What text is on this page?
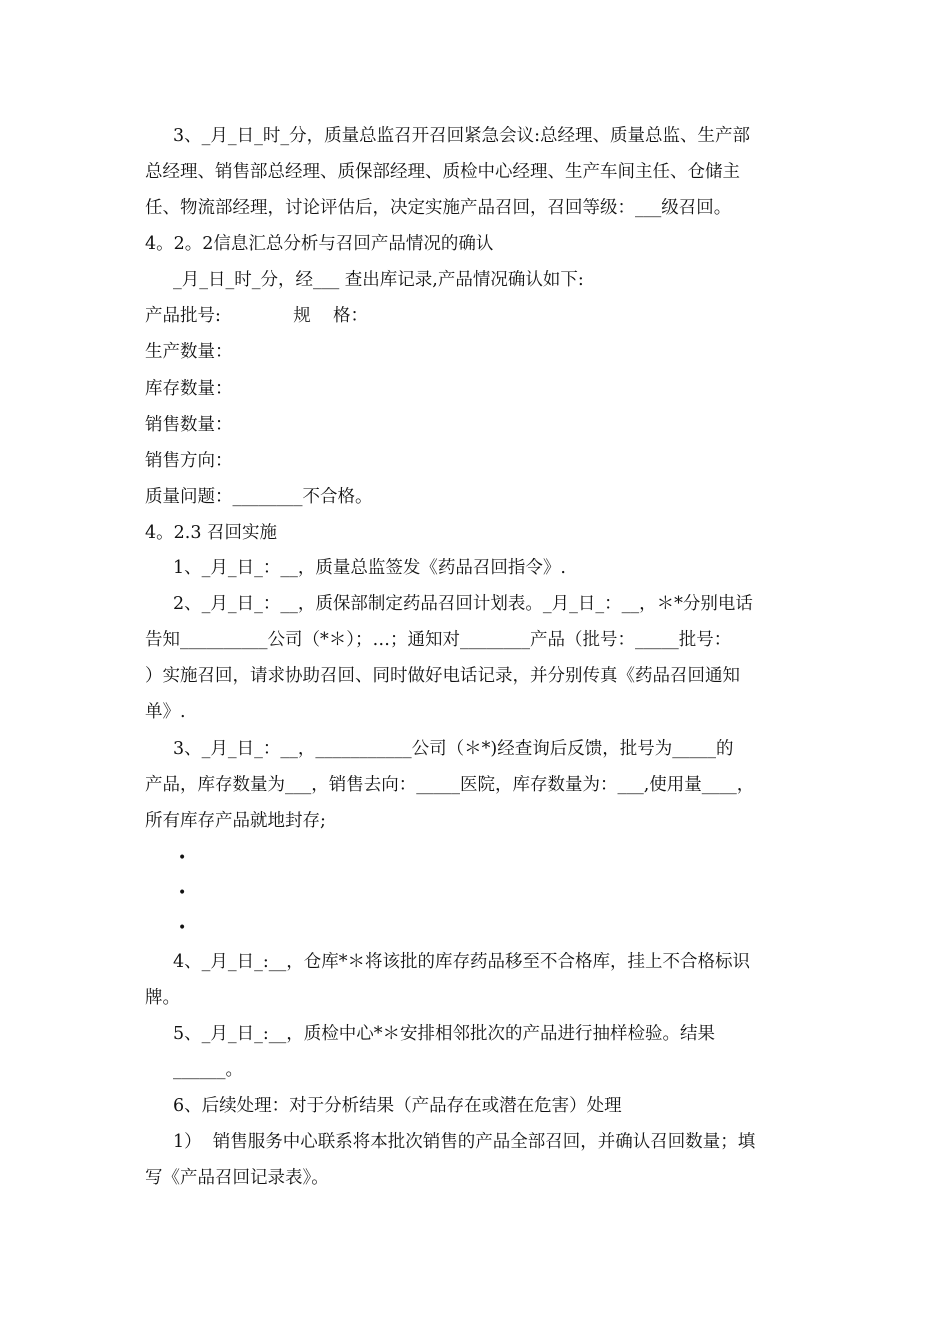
3、_月_日_时_分，质量总监召开召回紧急会议:总经理、质量总监、生产部
总经理、销售部总经理、质保部经理、质检中心经理、生产车间主任、仓储主
任、物流部经理，讨论评估后，决定实施产品召回，召回等级：___级召回。
4。2。2信息汇总分析与召回产品情况的确认
_月_日_时_分，经___ 查出库记录,产品情况确认如下:
产品批号:             规    格：
生产数量：
库存数量：
销售数量：
销售方向：
质量问题：________不合格。
4。2.3 召回实施
1、_月_日_：__，质量总监签发《药品召回指令》.
2、_月_日_：__，质保部制定药品召回计划表。_月_日_：__，＊*分别电话
告知__________公司（*＊）；…；通知对________产品（批号：_____批号：
）实施召回，请求协助召回、同时做好电话记录，并分别传真《药品召回通知
单》.
3、_月_日_：__，___________公司（＊*)经查询后反馈，批号为_____的
产品，库存数量为___，销售去向：_____医院，库存数量为：___,使用量____，
所有库存产品就地封存;
•
•
•
4、_月_日_:__，仓库*＊将该批的库存药品移至不合格库，挂上不合格标识
牌。
5、_月_日_:__，质检中心*＊安排相邻批次的产品进行抽样检验。结果
______。
6、后续处理：对于分析结果（产品存在或潜在危害）处理
1）  销售服务中心联系将本批次销售的产品全部召回，并确认召回数量；填
写《产品召回记录表》。
